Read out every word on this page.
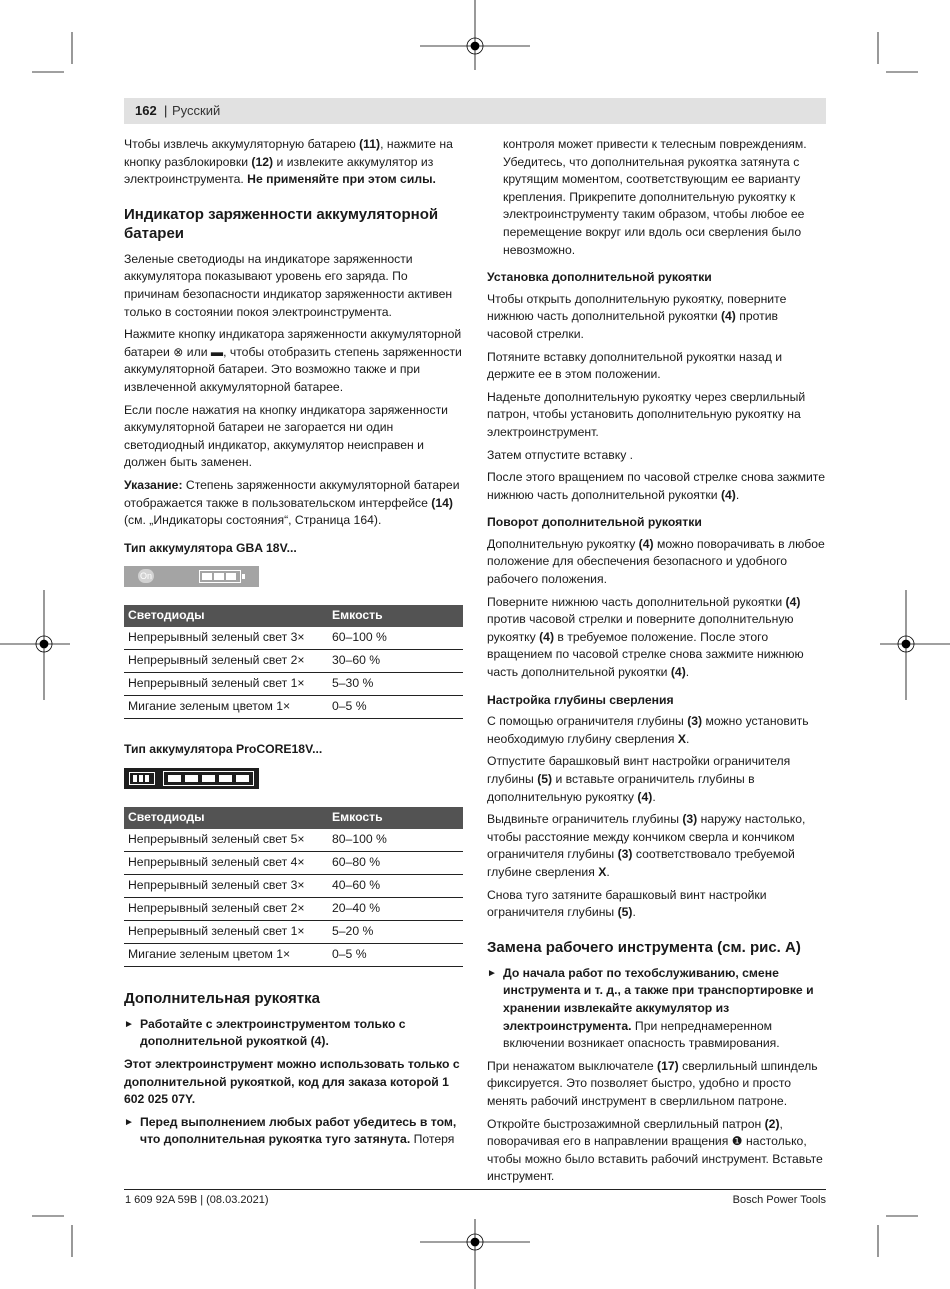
162 | Русский

Чтобы извлечь аккумуляторную батарею (11), нажмите на кнопку разблокировки (12) и извлеките аккумулятор из электроинструмента. Не применяйте при этом силы.

Индикатор заряженности аккумуляторной батареи

Зеленые светодиоды на индикаторе заряженности аккумулятора показывают уровень его заряда. По причинам безопасности индикатор заряженности активен только в состоянии покоя электроинструмента.

Нажмите кнопку индикатора заряженности аккумуляторной батареи ⊗ или ▬, чтобы отобразить степень заряженности аккумуляторной батареи. Это возможно также и при извлеченной аккумуляторной батарее.

Если после нажатия на кнопку индикатора заряженности аккумуляторной батареи не загорается ни один светодиодный индикатор, аккумулятор неисправен и должен быть заменен.

Указание: Степень заряженности аккумуляторной батареи отображается также в пользовательском интерфейсе (14) (см. „Индикаторы состояния“, Страница 164).

Тип аккумулятора GBA 18V...
On
Светодиоды	Емкость
Непрерывный зеленый свет 3×	60–100 %
Непрерывный зеленый свет 2×	30–60 %
Непрерывный зеленый свет 1×	5–30 %
Мигание зеленым цветом 1×	0–5 %
Тип аккумулятора ProCORE18V...
Светодиоды	Емкость
Непрерывный зеленый свет 5×	80–100 %
Непрерывный зеленый свет 4×	60–80 %
Непрерывный зеленый свет 3×	40–60 %
Непрерывный зеленый свет 2×	20–40 %
Непрерывный зеленый свет 1×	5–20 %
Мигание зеленым цветом 1×	0–5 %
Дополнительная рукоятка
► Работайте с электроинструментом только с дополнительной рукояткой (4).

Этот электроинструмент можно использовать только с дополнительной рукояткой, код для заказа которой 1 602 025 07Y.

► Перед выполнением любых работ убедитесь в том, что дополнительная рукоятка туго затянута. Потеря

контроля может привести к телесным повреждениям. Убедитесь, что дополнительная рукоятка затянута с крутящим моментом, соответствующим ее варианту крепления. Прикрепите дополнительную рукоятку к электроинструменту таким образом, чтобы любое ее перемещение вокруг или вдоль оси сверления было невозможно.

Установка дополнительной рукоятки

Чтобы открыть дополнительную рукоятку, поверните нижнюю часть дополнительной рукоятки (4) против часовой стрелки.

Потяните вставку дополнительной рукоятки назад и держите ее в этом положении.

Наденьте дополнительную рукоятку через сверлильный патрон, чтобы установить дополнительную рукоятку на электроинструмент.

Затем отпустите вставку .

После этого вращением по часовой стрелке снова зажмите нижнюю часть дополнительной рукоятки (4).

Поворот дополнительной рукоятки

Дополнительную рукоятку (4) можно поворачивать в любое положение для обеспечения безопасного и удобного рабочего положения.

Поверните нижнюю часть дополнительной рукоятки (4) против часовой стрелки и поверните дополнительную рукоятку (4) в требуемое положение. После этого вращением по часовой стрелке снова зажмите нижнюю часть дополнительной рукоятки (4).

Настройка глубины сверления

С помощью ограничителя глубины (3) можно установить необходимую глубину сверления X.

Отпустите барашковый винт настройки ограничителя глубины (5) и вставьте ограничитель глубины в дополнительную рукоятку (4).

Выдвиньте ограничитель глубины (3) наружу настолько, чтобы расстояние между кончиком сверла и кончиком ограничителя глубины (3) соответствовало требуемой глубине сверления X.

Снова туго затяните барашковый винт настройки ограничителя глубины (5).

Замена рабочего инструмента (см. рис. A)
► До начала работ по техобслуживанию, смене инструмента и т. д., а также при транспортировке и хранении извлекайте аккумулятор из электроинструмента. При непреднамеренном включении возникает опасность травмирования.

При ненажатом выключателе (17) сверлильный шпиндель фиксируется. Это позволяет быстро, удобно и просто менять рабочий инструмент в сверлильном патроне.

Откройте быстрозажимной сверлильный патрон (2), поворачивая его в направлении вращения ❶ настолько, чтобы можно было вставить рабочий инструмент. Вставьте инструмент.

1 609 92A 59B | (08.03.2021)	Bosch Power Tools
